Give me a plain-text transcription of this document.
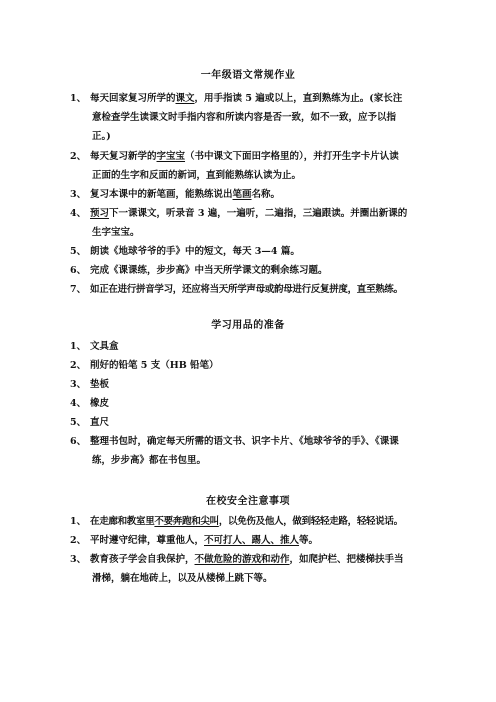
一年级语文常规作业
1、 每天回家复习所学的课文，用手指读 5 遍或以上，直到熟练为止。(家长注
意检查学生读课文时手指内容和所读内容是否一致，如不一致，应予以指
正。)
2、 每天复习新学的字宝宝（书中课文下面田字格里的），并打开生字卡片认读
正面的生字和反面的新词，直到能熟练认读为止。
3、 复习本课中的新笔画，能熟练说出笔画名称。
4、 预习下一课课文，听录音 3 遍，一遍听，二遍指，三遍跟读。并圈出新课的
生字宝宝。
5、 朗读《地球爷爷的手》中的短文，每天 3—4 篇。
6、 完成《课课练，步步高》中当天所学课文的剩余练习题。
7、 如正在进行拼音学习，还应将当天所学声母或韵母进行反复拼度，直至熟练。
学习用品的准备
1、 文具盒
2、 削好的铅笔 5 支（HB 铅笔）
3、 垫板
4、 橡皮
5、 直尺
6、 整理书包时，确定每天所需的语文书、识字卡片、《地球爷爷的手》、《课课
练，步步高》都在书包里。
在校安全注意事项
1、 在走廊和教室里不要奔跑和尖叫，以免伤及他人，做到轻轻走路，轻轻说话。
2、 平时遵守纪律，尊重他人，不可打人、踢人、推人等。
3、 教育孩子学会自我保护，不做危险的游戏和动作，如爬护栏、把楼梯扶手当
滑梯，躺在地砖上，以及从楼梯上跳下等。
